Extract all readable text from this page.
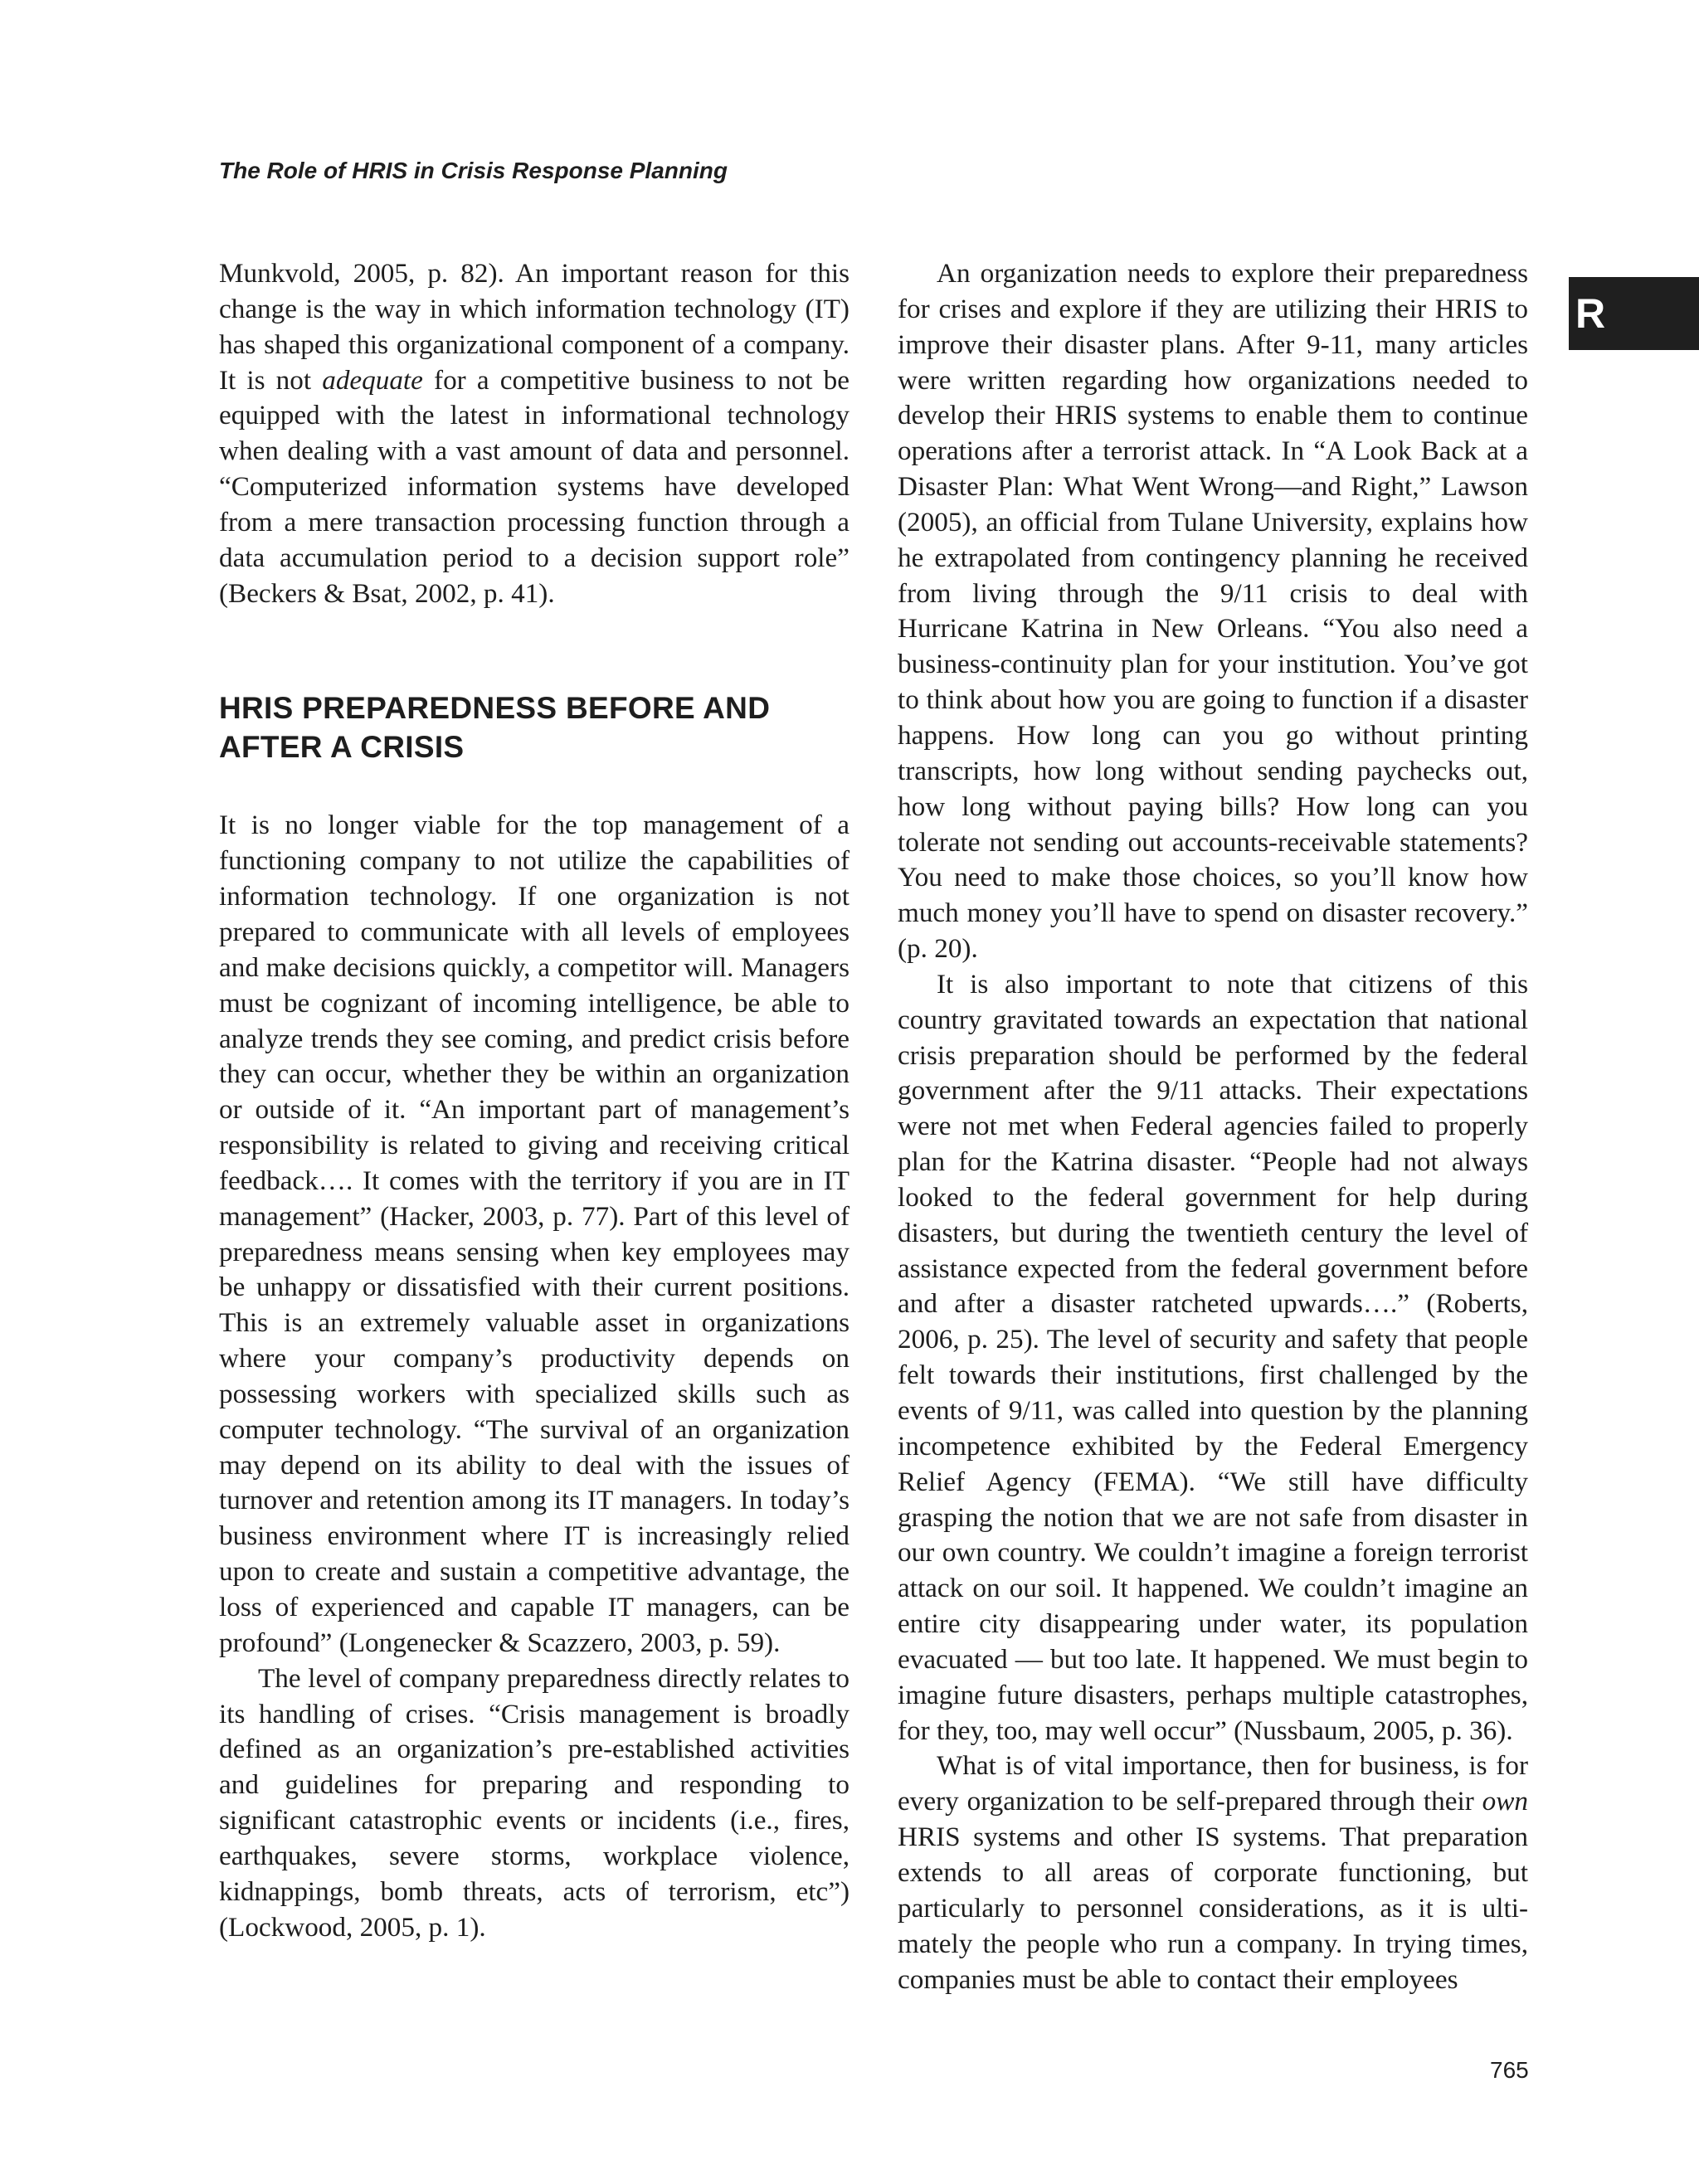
The Role of HRIS in Crisis Response Planning
R

Munkvold, 2005, p. 82). An important reason for this change is the way in which information technology (IT) has shaped this organizational component of a company. It is not adequate for a competitive business to not be equipped with the latest in informational technology when dealing with a vast amount of data and personnel. “Computerized information systems have developed from a mere transaction processing function through a data accumulation period to a decision support role” (Beckers & Bsat, 2002, p. 41).

HRIS PREPAREDNESS BEFORE AND AFTER A CRISIS

It is no longer viable for the top management of a functioning company to not utilize the capabilities of information technology. If one organization is not prepared to communicate with all levels of employees and make decisions quickly, a competitor will. Managers must be cognizant of incoming intelligence, be able to analyze trends they see coming, and predict crisis before they can occur, whether they be within an organization or outside of it. “An important part of management’s responsibility is related to giving and receiving critical feedback…. It comes with the territory if you are in IT management” (Hacker, 2003, p. 77). Part of this level of preparedness means sensing when key employees may be unhappy or dissatisfied with their current positions. This is an extremely valuable asset in organizations where your company’s productivity depends on possessing workers with specialized skills such as computer technology. “The survival of an organization may depend on its ability to deal with the issues of turnover and retention among its IT managers. In today’s business environment where IT is increasingly relied upon to create and sustain a competitive advantage, the loss of experienced and capable IT managers, can be profound” (Longenecker & Scazzero, 2003, p. 59).

The level of company preparedness directly relates to its handling of crises. “Crisis management is broadly defined as an organization’s pre-established activities and guidelines for preparing and responding to significant catastrophic events or incidents (i.e., fires, earthquakes, severe storms, workplace violence, kidnappings, bomb threats, acts of terrorism, etc”) (Lockwood, 2005, p. 1).

An organization needs to explore their preparedness for crises and explore if they are utilizing their HRIS to improve their disaster plans. After 9-11, many articles were written regarding how organizations needed to develop their HRIS systems to enable them to continue operations after a terrorist attack. In “A Look Back at a Disaster Plan: What Went Wrong—and Right,” Lawson (2005), an official from Tulane University, explains how he extrapolated from contingency planning he received from living through the 9/11 crisis to deal with Hurricane Katrina in New Orleans. “You also need a business-continuity plan for your institution. You’ve got to think about how you are going to function if a disaster happens. How long can you go without printing transcripts, how long without sending paychecks out, how long without paying bills? How long can you tolerate not sending out accounts-receivable statements? You need to make those choices, so you’ll know how much money you’ll have to spend on disaster recovery.” (p. 20).

It is also important to note that citizens of this country gravitated towards an expectation that national crisis preparation should be performed by the federal government after the 9/11 attacks. Their expectations were not met when Federal agencies failed to properly plan for the Katrina disaster. “People had not always looked to the federal government for help during disasters, but during the twentieth century the level of assistance expected from the federal government before and after a disaster ratcheted upwards….” (Roberts, 2006, p. 25). The level of security and safety that people felt towards their institutions, first challenged by the events of 9/11, was called into question by the planning incompetence exhibited by the Federal Emergency Relief Agency (FEMA). “We still have difficulty grasping the notion that we are not safe from disaster in our own country. We couldn’t imagine a foreign terrorist attack on our soil. It happened. We couldn’t imagine an entire city disappearing under water, its population evacuated — but too late. It happened. We must begin to imagine future disasters, perhaps multiple catastrophes, for they, too, may well occur” (Nussbaum, 2005, p. 36).

What is of vital importance, then for business, is for every organization to be self-prepared through their own HRIS systems and other IS systems. That preparation extends to all areas of corporate functioning, but particularly to personnel considerations, as it is ultimately the people who run a company. In trying times, companies must be able to contact their employees

765
